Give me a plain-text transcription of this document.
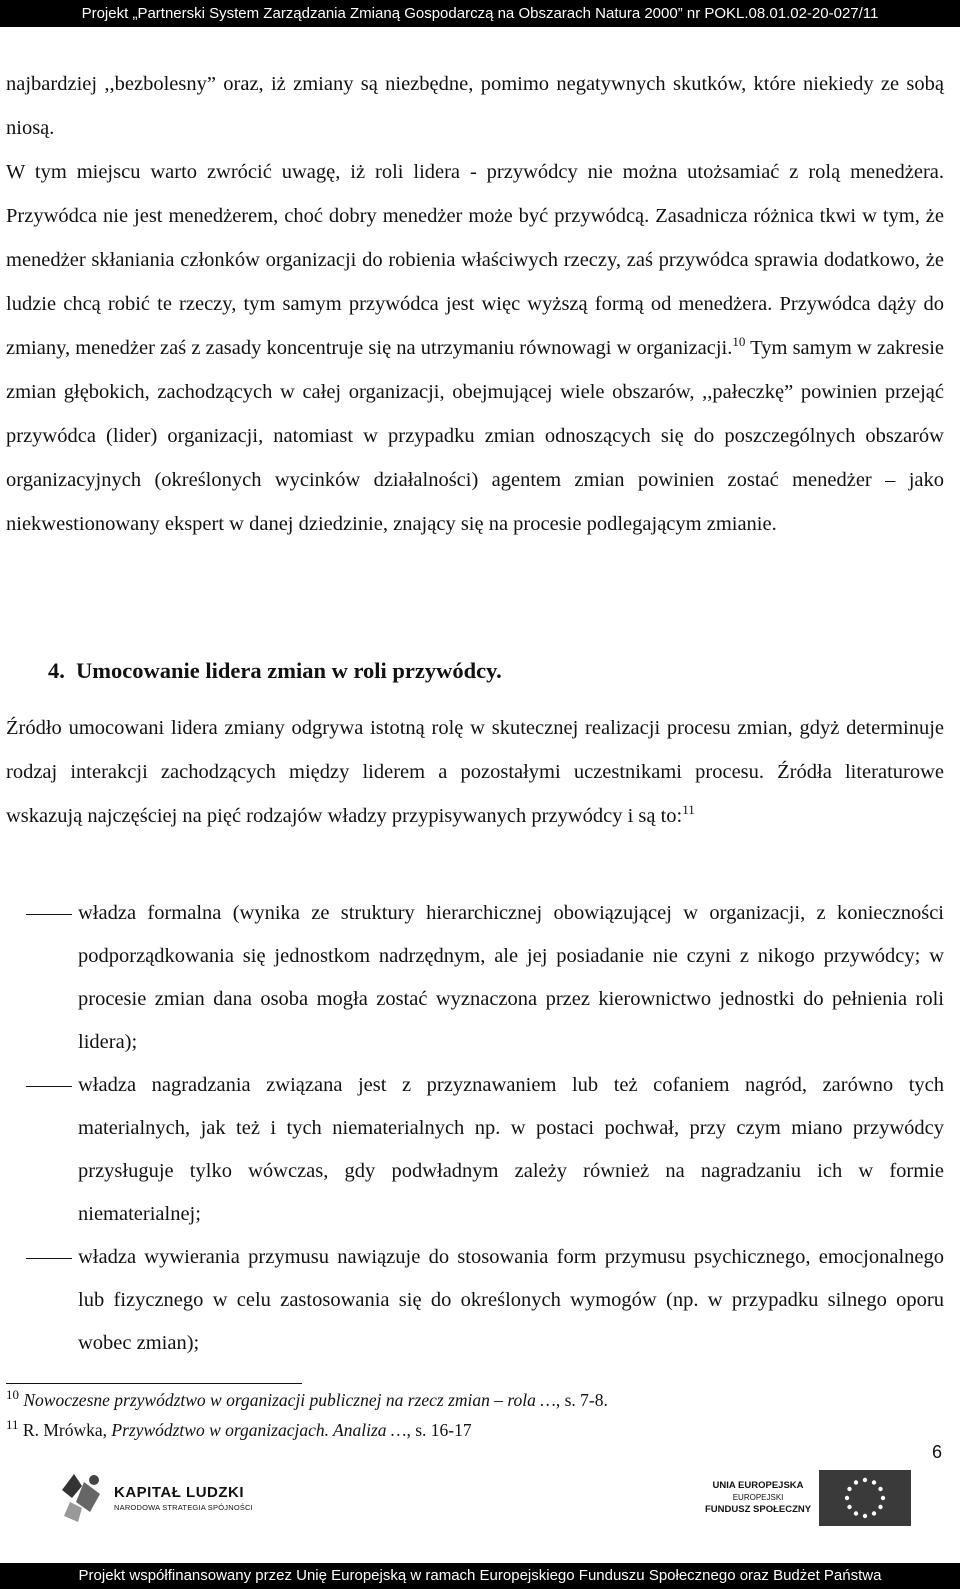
Projekt „Partnerski System Zarządzania Zmianą Gospodarczą na Obszarach Natura 2000” nr POKL.08.01.02-20-027/11

najbardziej ,,bezbolesny” oraz, iż zmiany są niezbędne, pomimo negatywnych skutków, które niekiedy ze sobą niosą.

W tym miejscu warto zwrócić uwagę, iż roli lidera - przywódcy nie można utożsamiać z rolą menedżera. Przywódca nie jest menedżerem, choć dobry menedżer może być przywódcą. Zasadnicza różnica tkwi w tym, że menedżer skłaniania członków organizacji do robienia właściwych rzeczy, zaś przywódca sprawia dodatkowo, że ludzie chcą robić te rzeczy, tym samym przywódca jest więc wyższą formą od menedżera. Przywódca dąży do zmiany, menedżer zaś z zasady koncentruje się na utrzymaniu równowagi w organizacji.$^{10}$ Tym samym w zakresie zmian głębokich, zachodzących w całej organizacji, obejmującej wiele obszarów, ,,pałeczkę” powinien przejąć przywódca (lider) organizacji, natomiast w przypadku zmian odnoszących się do poszczególnych obszarów organizacyjnych (określonych wycinków działalności) agentem zmian powinien zostać menedżer – jako niekwestionowany ekspert w danej dziedzinie, znający się na procesie podlegającym zmianie.

4. Umocowanie lidera zmian w roli przywódcy.

Źródło umocowani lidera zmiany odgrywa istotną rolę w skutecznej realizacji procesu zmian, gdyż determinuje rodzaj interakcji zachodzących między liderem a pozostałymi uczestnikami procesu. Źródła literaturowe wskazują najczęściej na pięć rodzajów władzy przypisywanych przywódcy i są to:$^{11}$

władza formalna (wynika ze struktury hierarchicznej obowiązującej w organizacji, z konieczności podporządkowania się jednostkom nadrzędnym, ale jej posiadanie nie czyni z nikogo przywódcy; w procesie zmian dana osoba mogła zostać wyznaczona przez kierownictwo jednostki do pełnienia roli lidera);
władza nagradzania związana jest z przyznawaniem lub też cofaniem nagród, zarówno tych materialnych, jak też i tych niematerialnych np. w postaci pochwał, przy czym miano przywódcy przysługuje tylko wówczas, gdy podwładnym zależy również na nagradzaniu ich w formie niematerialnej;
władza wywierania przymusu nawiązuje do stosowania form przymusu psychicznego, emocjonalnego lub fizycznego w celu zastosowania się do określonych wymogów (np. w przypadku silnego oporu wobec zmian);
$^{10}$ Nowoczesne przywództwo w organizacji publicznej na rzecz zmian – rola …, s. 7-8.
$^{11}$ R. Mrówka, Przywództwo w organizacjach. Analiza …, s. 16-17
6
KAPITAŁ LUDZKI
NARODOWA STRATEGIA SPÓJNOŚCI
UNIA EUROPEJSKA
EUROPEJSKI
FUNDUSZ SPOŁECZNY
Projekt współfinansowany przez Unię Europejską w ramach Europejskiego Funduszu Społecznego oraz Budżet Państwa
